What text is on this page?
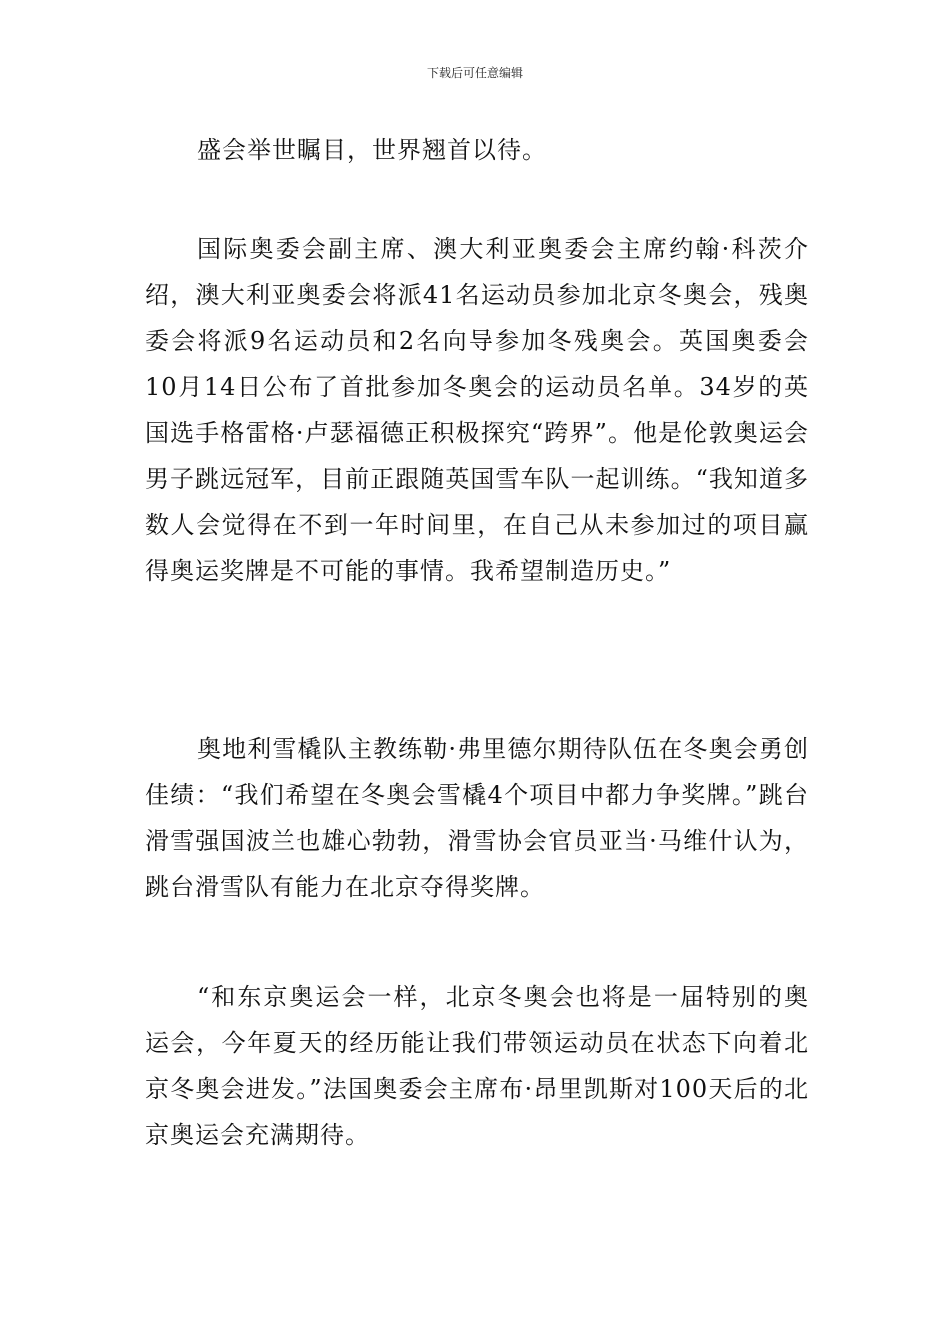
下载后可任意编辑

盛会举世瞩目，世界翘首以待。

国际奥委会副主席、澳大利亚奥委会主席约翰·科茨介绍，澳大利亚奥委会将派41名运动员参加北京冬奥会，残奥委会将派9名运动员和2名向导参加冬残奥会。英国奥委会10月14日公布了首批参加冬奥会的运动员名单。34岁的英国选手格雷格·卢瑟福德正积极探究“跨界”。他是伦敦奥运会男子跳远冠军，目前正跟随英国雪车队一起训练。“我知道多数人会觉得在不到一年时间里，在自己从未参加过的项目赢得奥运奖牌是不可能的事情。我希望制造历史。”

奥地利雪橇队主教练勒·弗里德尔期待队伍在冬奥会勇创佳绩：“我们希望在冬奥会雪橇4个项目中都力争奖牌。”跳台滑雪强国波兰也雄心勃勃，滑雪协会官员亚当·马维什认为，跳台滑雪队有能力在北京夺得奖牌。

“和东京奥运会一样，北京冬奥会也将是一届特别的奥运会，今年夏天的经历能让我们带领运动员在状态下向着北京冬奥会进发。”法国奥委会主席布·昂里凯斯对100天后的北京奥运会充满期待。
